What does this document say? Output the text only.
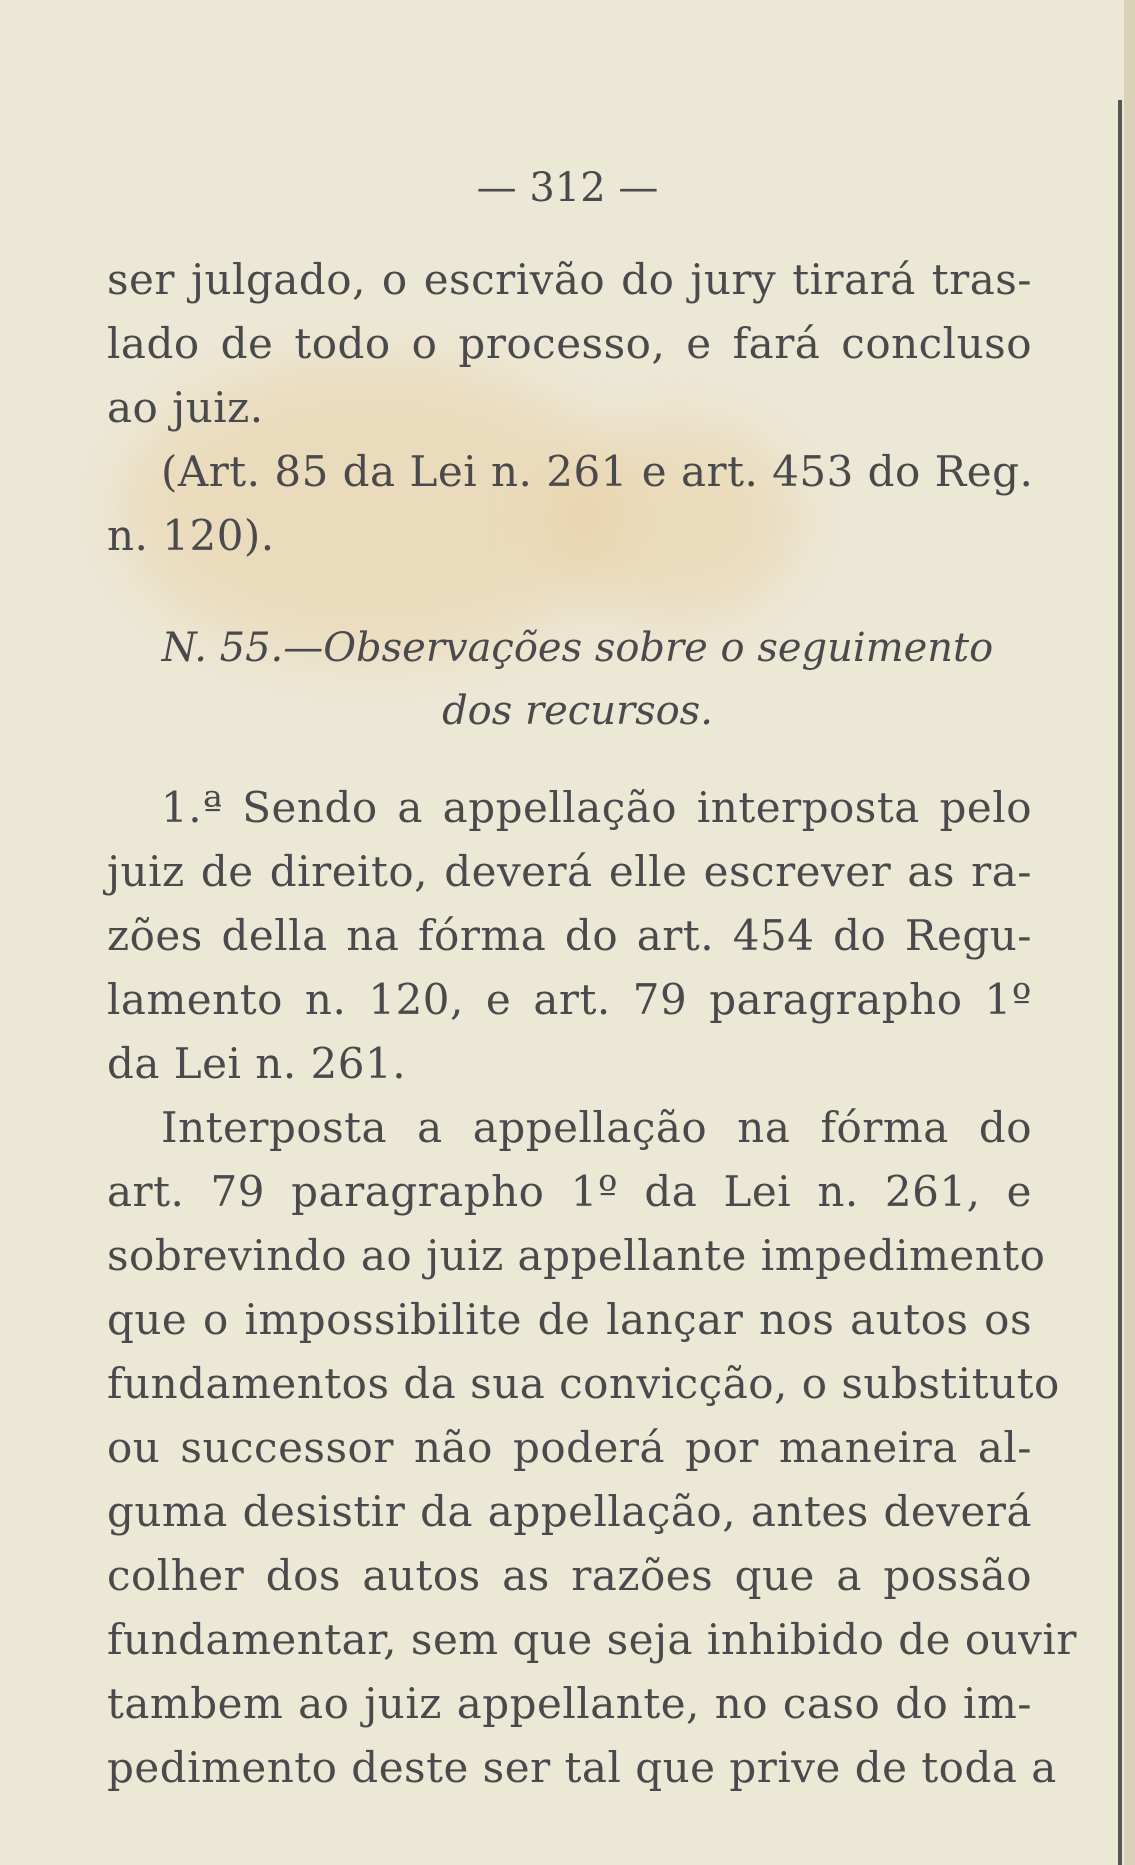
— 312 —
ser julgado, o escrivão do jury tirará tras-
lado de todo o processo, e fará concluso
ao juiz.
(Art. 85 da Lei n. 261 e art. 453 do Reg.
n. 120).
N. 55.—Observações sobre o seguimento
dos recursos.
1.ª Sendo a appellação interposta pelo
juiz de direito, deverá elle escrever as ra-
zões della na fórma do art. 454 do Regu-
lamento n. 120, e art. 79 paragrapho 1º
da Lei n. 261.
Interposta a appellação na fórma do
art. 79 paragrapho 1º da Lei n. 261, e
sobrevindo ao juiz appellante impedimento
que o impossibilite de lançar nos autos os
fundamentos da sua convicção, o substituto
ou successor não poderá por maneira al-
guma desistir da appellação, antes deverá
colher dos autos as razões que a possão
fundamentar, sem que seja inhibido de ouvir
tambem ao juiz appellante, no caso do im-
pedimento deste ser tal que prive de toda a
